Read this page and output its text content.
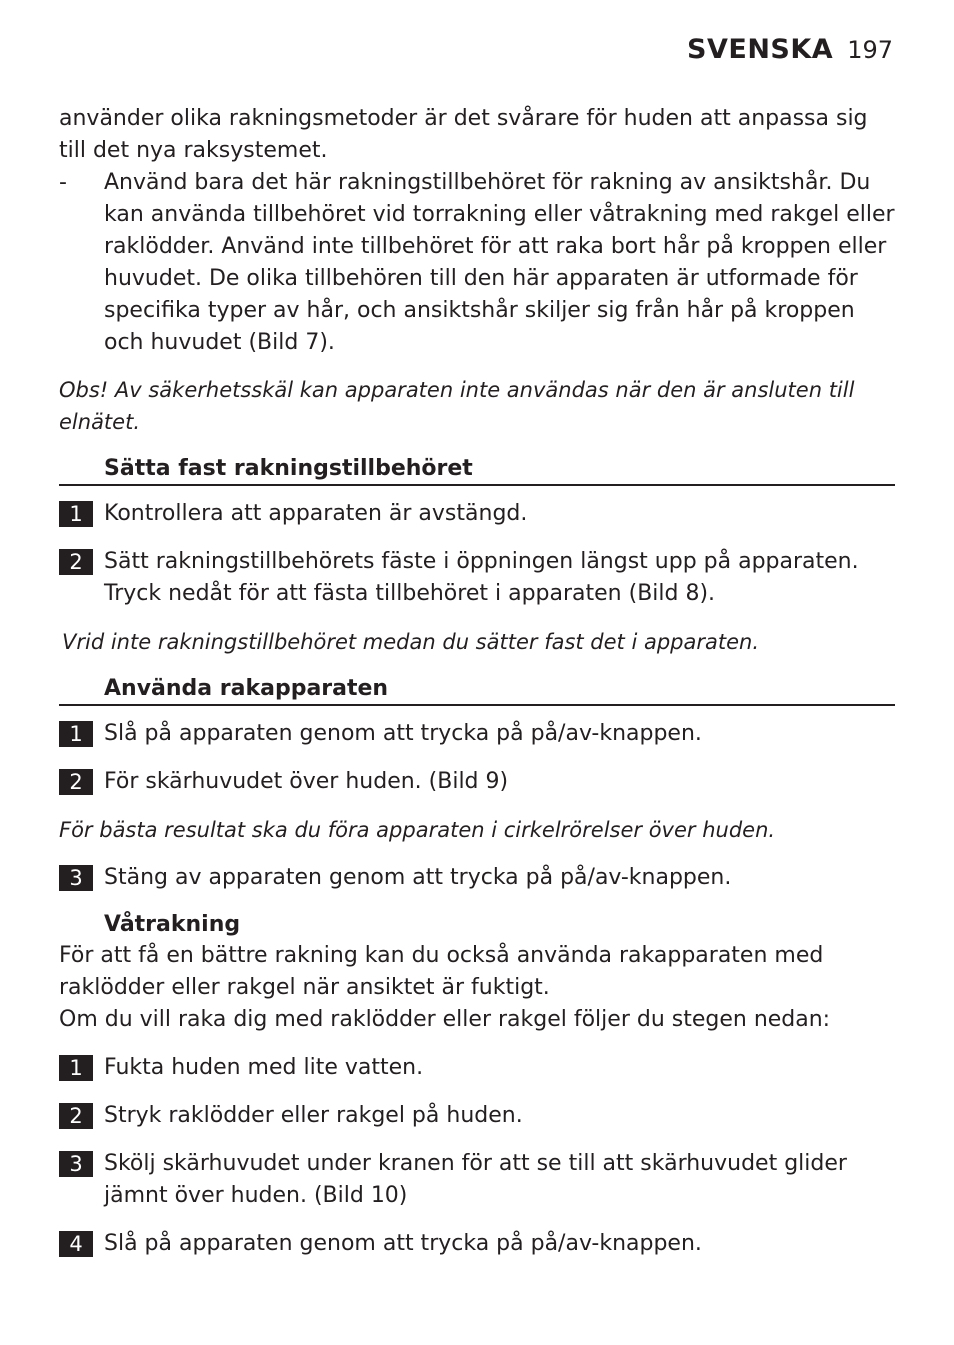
SVENSKA 197

använder olika rakningsmetoder är det svårare för huden att anpassa sig till det nya raksystemet.

-	Använd bara det här rakningstillbehöret för rakning av ansiktshår. Du kan använda tillbehöret vid torrakning eller våtrakning med rakgel eller raklödder. Använd inte tillbehöret för att raka bort hår på kroppen eller huvudet. De olika tillbehören till den här apparaten är utformade för specifika typer av hår, och ansiktshår skiljer sig från hår på kroppen och huvudet (Bild 7).

Obs! Av säkerhetsskäl kan apparaten inte användas när den är ansluten till elnätet.

Sätta fast rakningstillbehöret
1 Kontrollera att apparaten är avstängd.
2 Sätt rakningstillbehörets fäste i öppningen längst upp på apparaten. Tryck nedåt för att fästa tillbehöret i apparaten (Bild 8).

Vrid inte rakningstillbehöret medan du sätter fast det i apparaten.

Använda rakapparaten
1 Slå på apparaten genom att trycka på på/av-knappen.
2 För skärhuvudet över huden. (Bild 9)

För bästa resultat ska du föra apparaten i cirkelrörelser över huden.

3 Stäng av apparaten genom att trycka på på/av-knappen.
Våtrakning

För att få en bättre rakning kan du också använda rakapparaten med raklödder eller rakgel när ansiktet är fuktigt.

Om du vill raka dig med raklödder eller rakgel följer du stegen nedan:

1 Fukta huden med lite vatten.
2 Stryk raklödder eller rakgel på huden.
3 Skölj skärhuvudet under kranen för att se till att skärhuvudet glider jämnt över huden. (Bild 10)
4 Slå på apparaten genom att trycka på på/av-knappen.
